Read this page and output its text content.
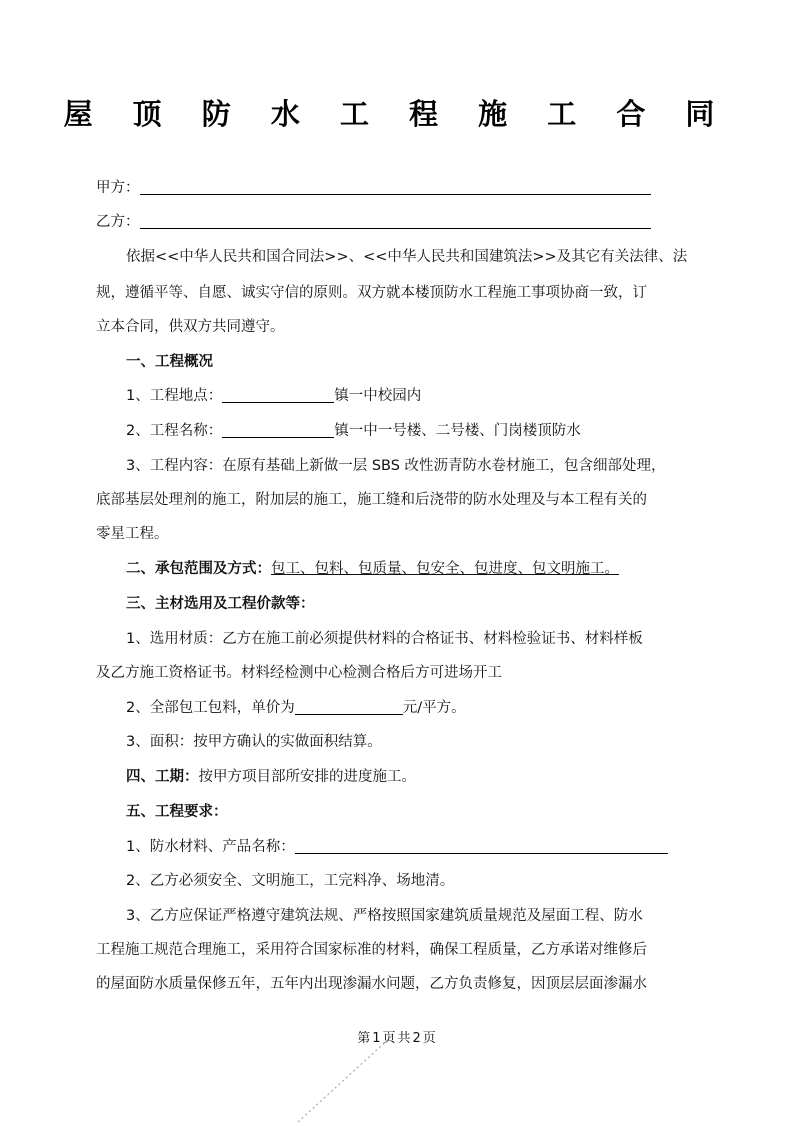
屋 顶 防 水 工 程 施 工 合 同
甲方：
乙方：
依据<<中华人民共和国合同法>>、<<中华人民共和国建筑法>>及其它有关法律、法
规，遵循平等、自愿、诚实守信的原则。双方就本楼顶防水工程施工事项协商一致，订
立本合同，供双方共同遵守。
一、工程概况
1、工程地点：	镇一中校园内
2、工程名称：	镇一中一号楼、二号楼、门岗楼顶防水
3、工程内容：在原有基础上新做一层 SBS 改性沥青防水卷材施工，包含细部处理，
底部基层处理剂的施工，附加层的施工，施工缝和后浇带的防水处理及与本工程有关的
零星工程。
二、承包范围及方式：包工、包料、包质量、包安全、包进度、包文明施工。
三、主材选用及工程价款等：
1、选用材质：乙方在施工前必须提供材料的合格证书、材料检验证书、材料样板
及乙方施工资格证书。材料经检测中心检测合格后方可进场开工
2、全部包工包料，单价为	元/平方。
3、面积：按甲方确认的实做面积结算。
四、工期：按甲方项目部所安排的进度施工。
五、工程要求：
1、防水材料、产品名称：
2、乙方必须安全、文明施工，工完料净、场地清。
3、乙方应保证严格遵守建筑法规、严格按照国家建筑质量规范及屋面工程、防水
工程施工规范合理施工，采用符合国家标准的材料，确保工程质量，乙方承诺对维修后
的屋面防水质量保修五年，五年内出现渗漏水问题，乙方负责修复，因顶层层面渗漏水
第 1 页 共 2 页
